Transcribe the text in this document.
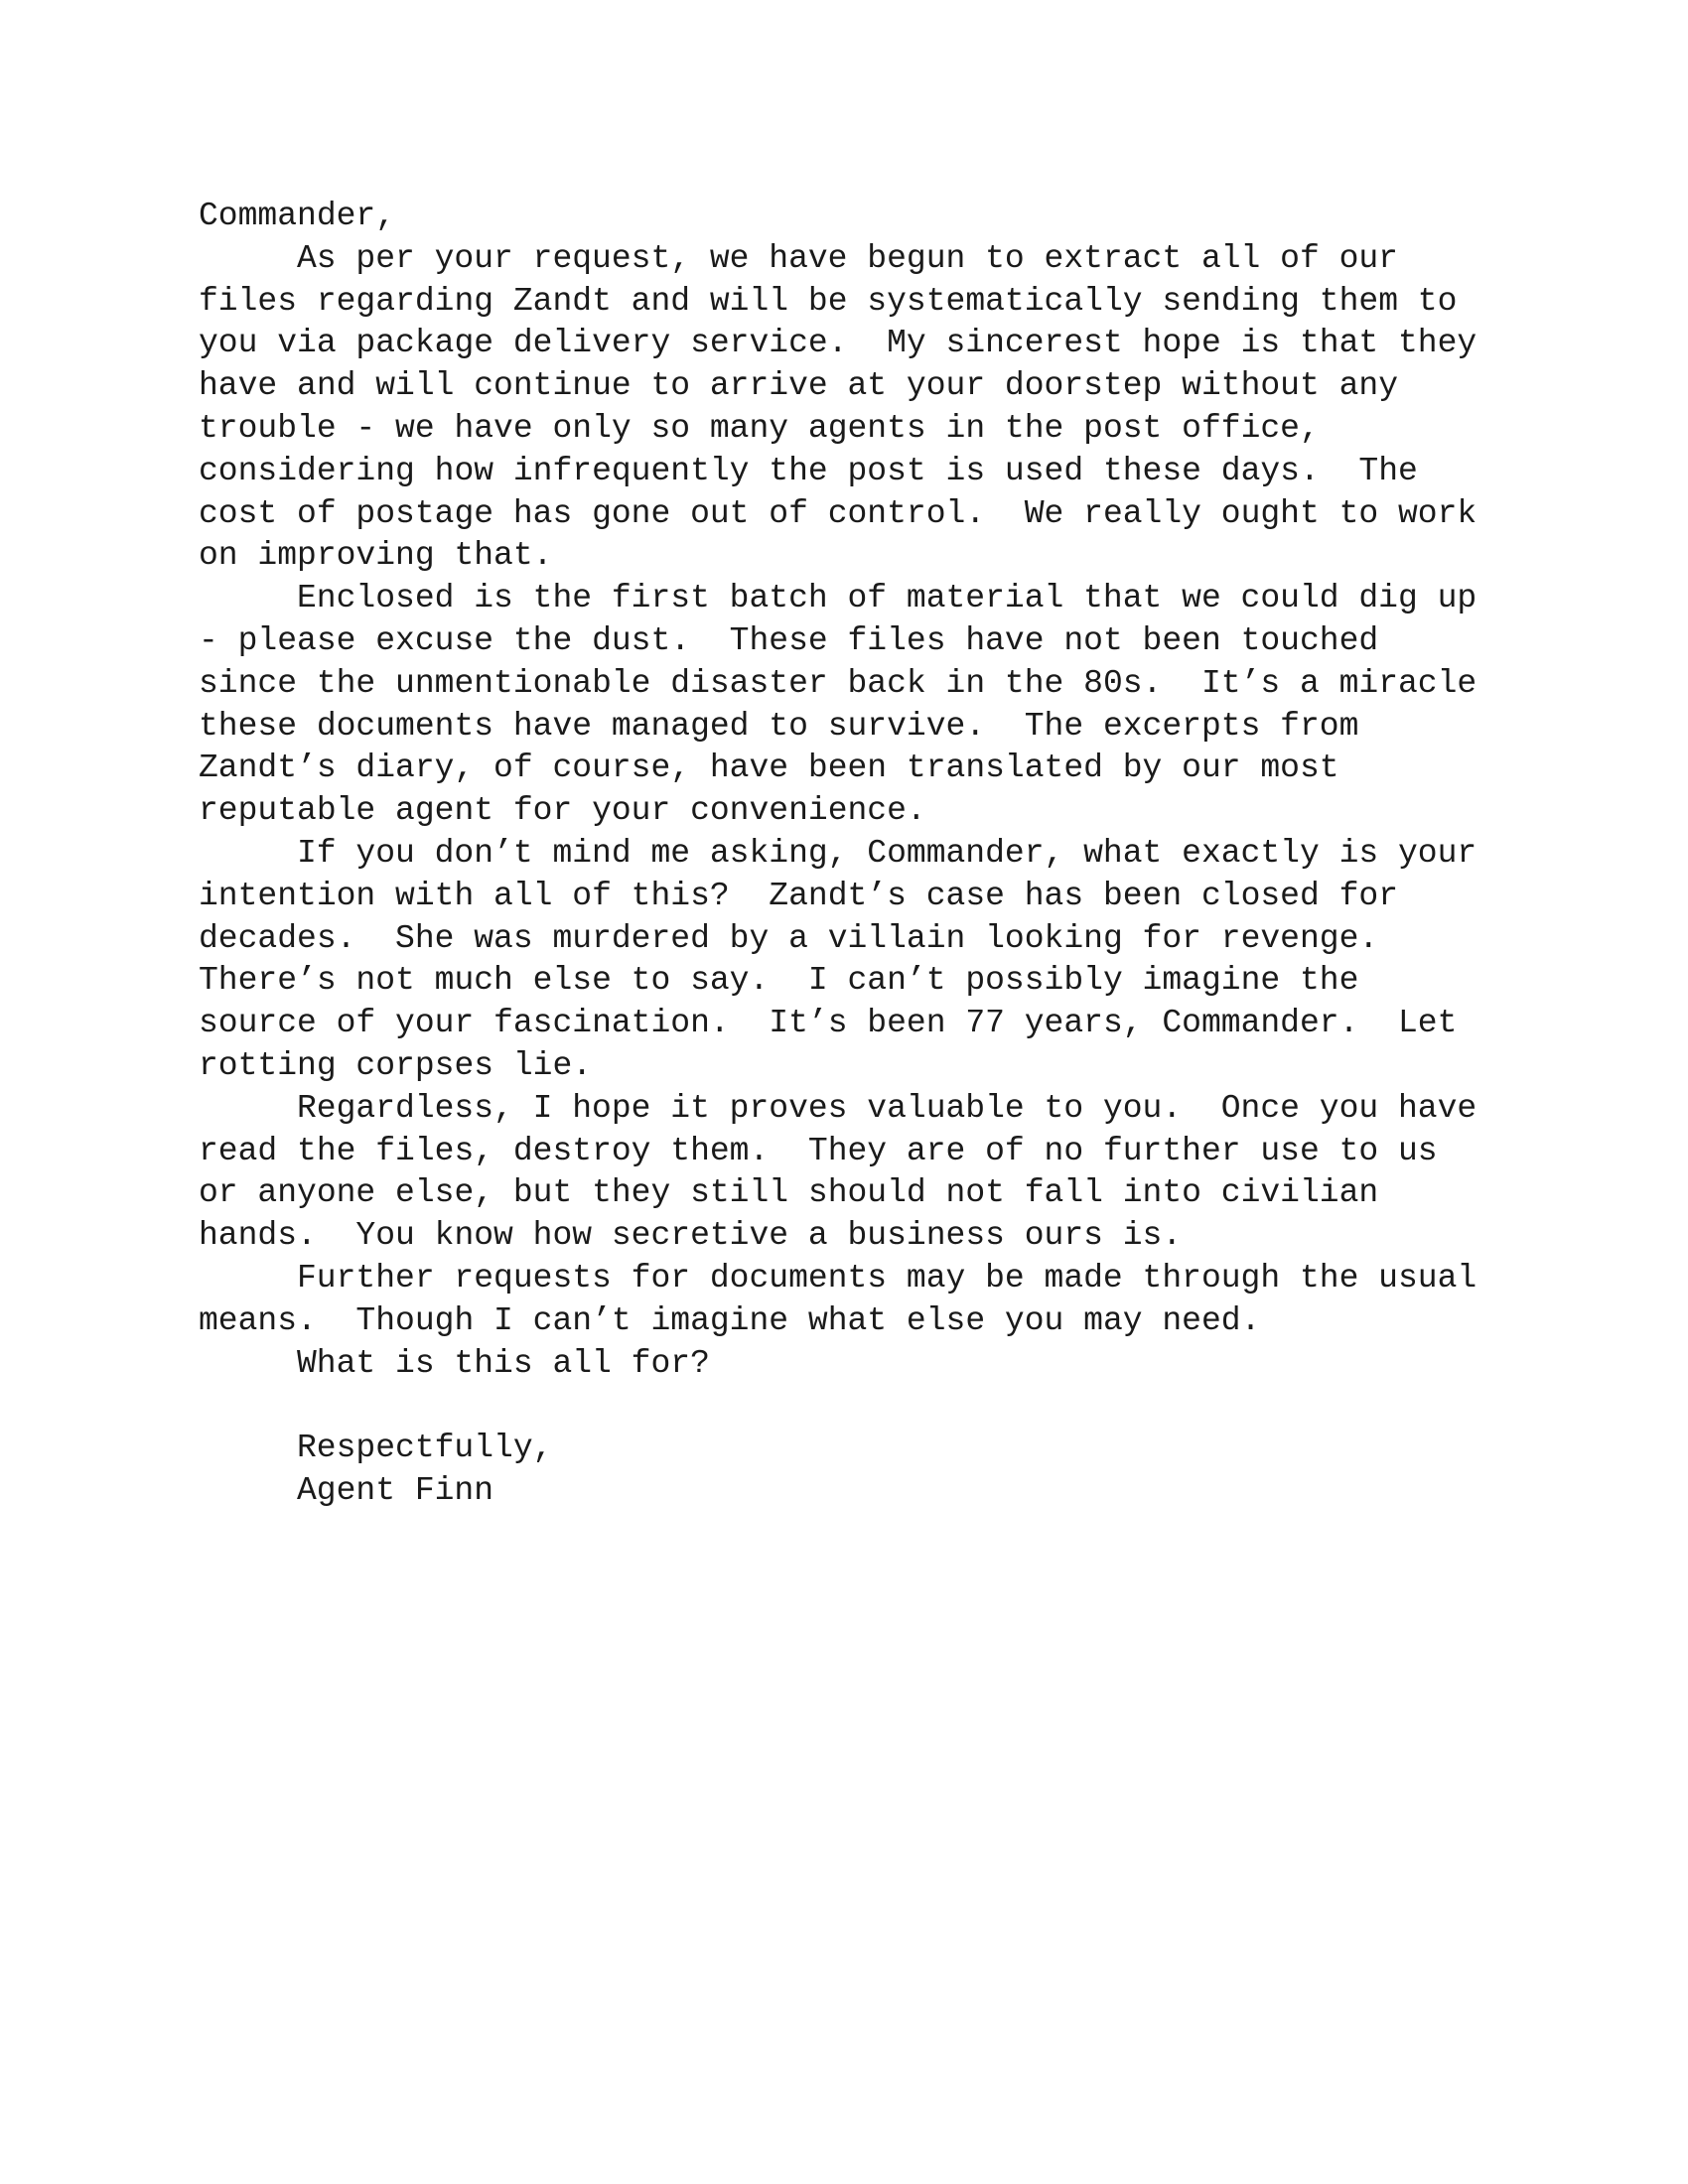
Commander,
As per your request, we have begun to extract all of our
files regarding Zandt and will be systematically sending them to
you via package delivery service.  My sincerest hope is that they
have and will continue to arrive at your doorstep without any
trouble - we have only so many agents in the post office,
considering how infrequently the post is used these days.  The
cost of postage has gone out of control.  We really ought to work
on improving that.
Enclosed is the first batch of material that we could dig up
- please excuse the dust.  These files have not been touched
since the unmentionable disaster back in the 80s.  It’s a miracle
these documents have managed to survive.  The excerpts from
Zandt’s diary, of course, have been translated by our most
reputable agent for your convenience.
If you don’t mind me asking, Commander, what exactly is your
intention with all of this?  Zandt’s case has been closed for
decades.  She was murdered by a villain looking for revenge.
There’s not much else to say.  I can’t possibly imagine the
source of your fascination.  It’s been 77 years, Commander.  Let
rotting corpses lie.
Regardless, I hope it proves valuable to you.  Once you have
read the files, destroy them.  They are of no further use to us
or anyone else, but they still should not fall into civilian
hands.  You know how secretive a business ours is.
Further requests for documents may be made through the usual
means.  Though I can’t imagine what else you may need.
What is this all for?
Respectfully,
Agent Finn
